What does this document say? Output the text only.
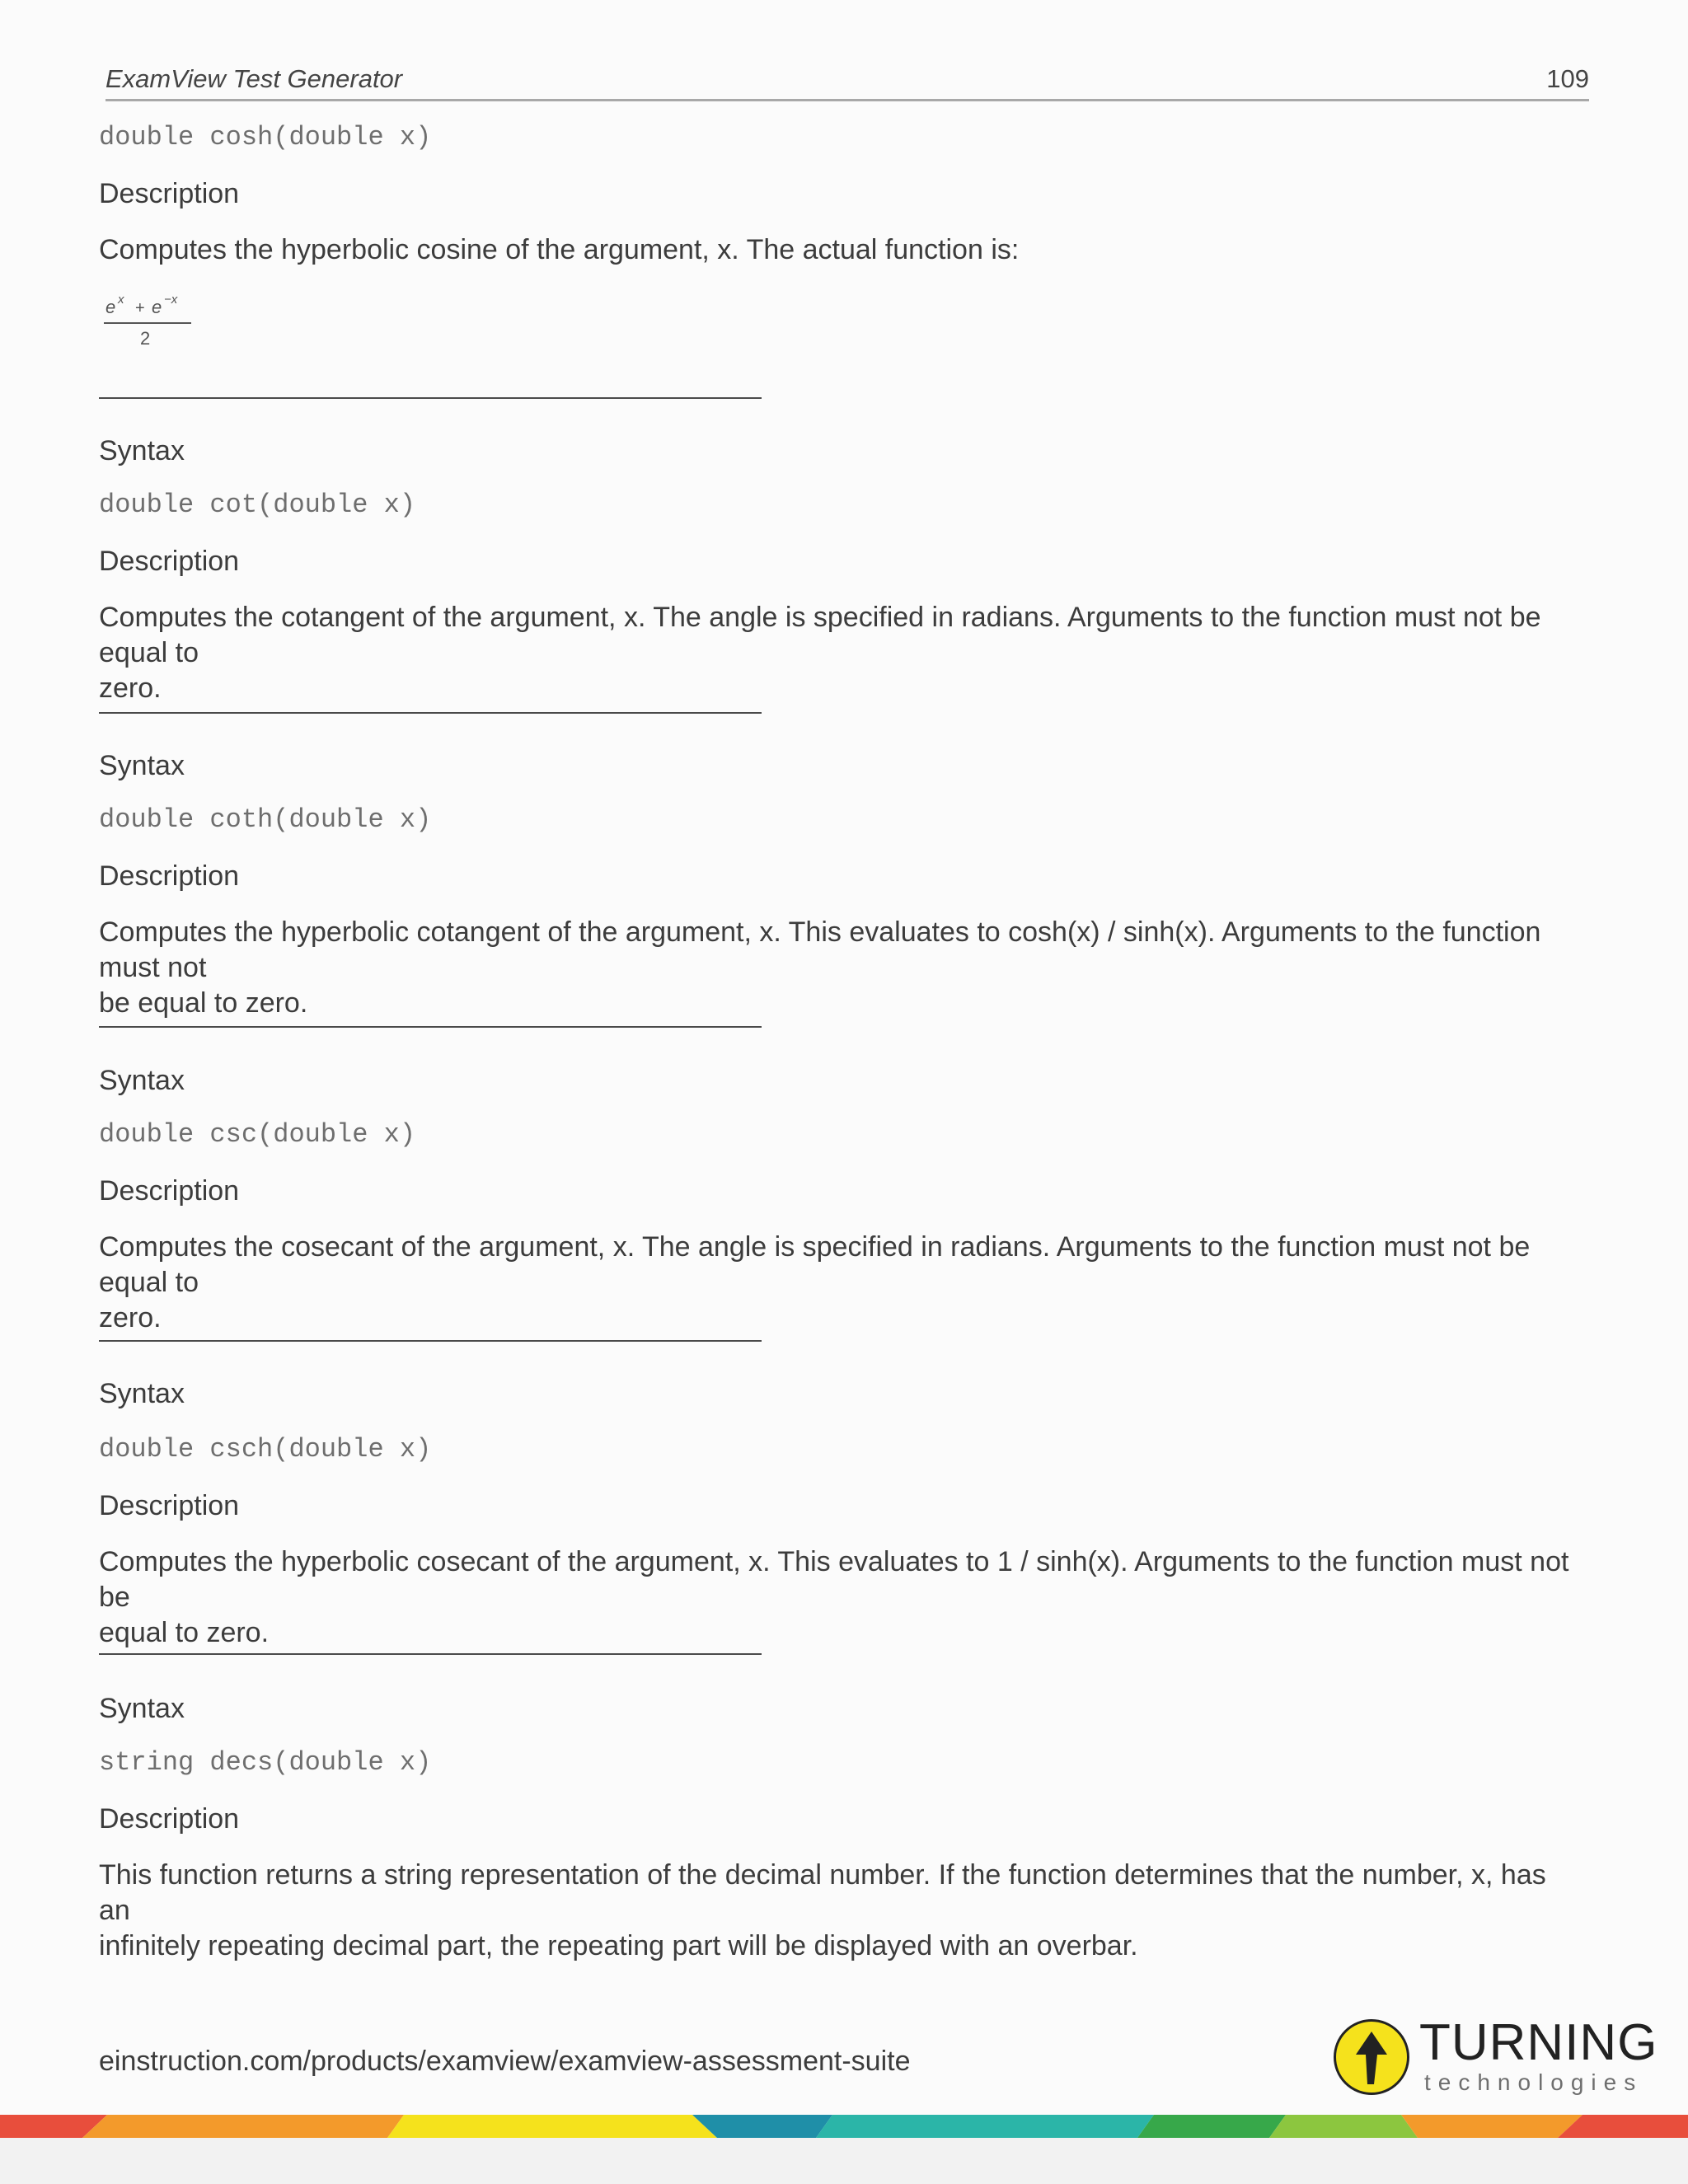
ExamView Test Generator	109
double cosh(double x)
Description
Computes the hyperbolic cosine of the argument, x. The actual function is:
e x + e −x
2
Syntax
double cot(double x)
Description
Computes the cotangent of the argument, x. The angle is specified in radians. Arguments to the function must not be equal to
zero.
Syntax
double coth(double x)
Description
Computes the hyperbolic cotangent of the argument, x. This evaluates to cosh(x) / sinh(x). Arguments to the function must not
be equal to zero.
Syntax
double csc(double x)
Description
Computes the cosecant of the argument, x. The angle is specified in radians. Arguments to the function must not be equal to
zero.
Syntax
double csch(double x)
Description
Computes the hyperbolic cosecant of the argument, x. This evaluates to 1 / sinh(x). Arguments to the function must not be
equal to zero.
Syntax
string decs(double x)
Description
This function returns a string representation of the decimal number. If the function determines that the number, x, has an
infinitely repeating decimal part, the repeating part will be displayed with an overbar.
einstruction.com/products/examview/examview-assessment-suite	TURNING
technologies
